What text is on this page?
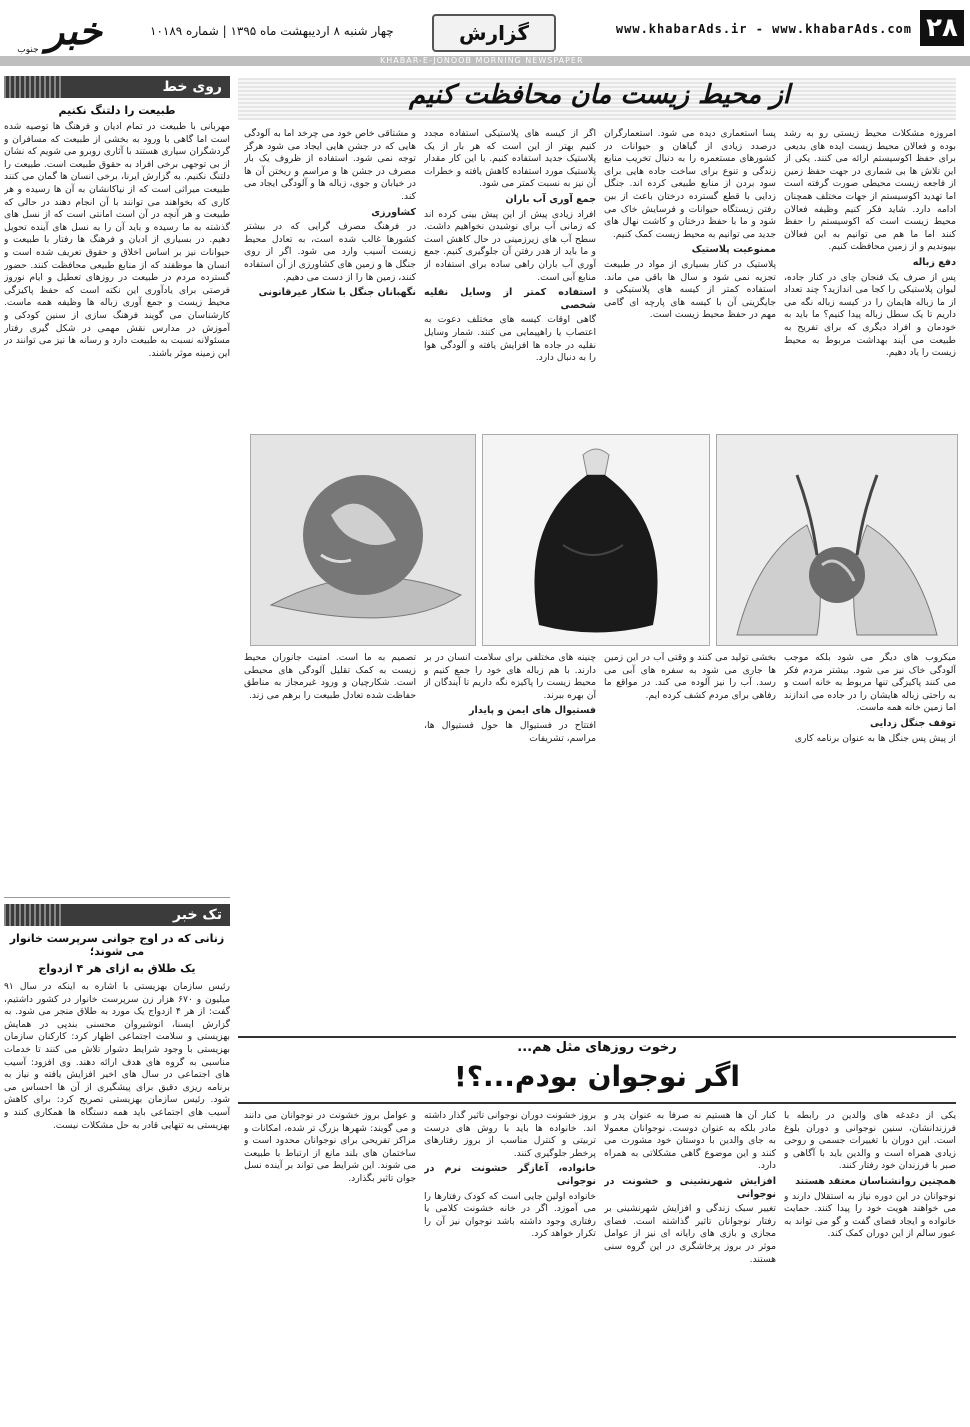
خبر
جنوب
چهار شنبه ۸ اردیبهشت ماه ۱۳۹۵ | شماره ۱۰۱۸۹	گزارش	www.khabarAds.ir - www.khabarAds.com ۲۸
KHABAR-E-JONOOB MORNING NEWSPAPER
روی خط
طبیعت را دلتنگ نکنیم
مهربانی با طبیعت در تمام ادیان و فرهنگ ها توصیه شده است اما گاهی با ورود به بخشی از طبیعت که مسافران و گردشگران سیاری هستند با آثاری روبرو می شویم که نشان از بی توجهی برخی افراد به حقوق طبیعت است. طبیعت را دلتنگ نکنیم. به گزارش ایرنا، برخی انسان ها گمان می کنند طبیعت میراثی است که از نیاکانشان به آن ها رسیده و هر کاری که بخواهند می توانند با آن انجام دهند در حالی که طبیعت و هر آنچه در آن است امانتی است که از نسل های گذشته به ما رسیده و باید آن را به نسل های آینده تحویل دهیم. در بسیاری از ادیان و فرهنگ ها رفتار با طبیعت و حیوانات نیز بر اساس اخلاق و حقوق تعریف شده است و انسان ها موظفند که از منابع طبیعی محافظت کنند. حضور گسترده مردم در طبیعت در روزهای تعطیل و ایام نوروز فرصتی برای یادآوری این نکته است که حفظ پاکیزگی محیط زیست و جمع آوری زباله ها وظیفه همه ماست. کارشناسان می گویند فرهنگ سازی از سنین کودکی و آموزش در مدارس نقش مهمی در شکل گیری رفتار مسئولانه نسبت به طبیعت دارد و رسانه ها نیز می توانند در این زمینه موثر باشند.
تک خبر
زنانی که در اوج جوانی سرپرست خانوار می شوند؛
یک طلاق به ازای هر ۴ ازدواج
رئیس سازمان بهزیستی با اشاره به اینکه در سال ۹۱ میلیون و ۶۷۰ هزار زن سرپرست خانوار در کشور داشتیم، گفت: از هر ۴ ازدواج یک مورد به طلاق منجر می شود. به گزارش ایسنا، انوشیروان محسنی بندپی در همایش بهزیستی و سلامت اجتماعی اظهار کرد: کارکنان سازمان بهزیستی با وجود شرایط دشوار تلاش می کنند تا خدمات مناسبی به گروه های هدف ارائه دهند. وی افزود: آسیب های اجتماعی در سال های اخیر افزایش یافته و نیاز به برنامه ریزی دقیق برای پیشگیری از آن ها احساس می شود. رئیس سازمان بهزیستی تصریح کرد: برای کاهش آسیب های اجتماعی باید همه دستگاه ها همکاری کنند و بهزیستی به تنهایی قادر به حل مشکلات نیست.
از محیط زیست مان محافظت کنیم
امروزه مشکلات محیط زیستی رو به رشد بوده و فعالان محیط زیست ایده های بدیعی برای حفظ اکوسیستم ارائه می کنند. یکی از این تلاش ها بی شماری در جهت حفظ زمین از فاجعه زیست محیطی صورت گرفته است اما تهدید اکوسیستم از جهات مختلف همچنان ادامه دارد. شاید فکر کنیم وظیفه فعالان محیط زیست است که اکوسیستم را حفظ کنند اما ما هم می توانیم به این فعالان بپیوندیم و از زمین محافظت کنیم.
دفع زباله
پس از صرف یک فنجان چای در کنار جاده، لیوان پلاستیکی را کجا می اندازید؟ چند تعداد از ما زباله هایمان را در کیسه زباله نگه می داریم تا یک سطل زباله پیدا کنیم؟ ما باید به خودمان و افراد دیگری که برای تفریح به طبیعت می آیند بهداشت مربوط به محیط زیست را یاد دهیم.
پسا استعماری دیده می شود. استعمارگران درصدد زیادی از گیاهان و حیوانات در کشورهای مستعمره را به دنبال تخریب منابع زندگی و تنوع برای ساخت جاده هایی برای سود بردن از منابع طبیعی کرده اند. جنگل زدایی با قطع گسترده درختان باعث از بین رفتن زیستگاه حیوانات و فرسایش خاک می شود و ما با حفظ درختان و کاشت نهال های جدید می توانیم به محیط زیست کمک کنیم.
ممنوعیت پلاستیک
پلاستیک در کنار بسیاری از مواد در طبیعت تجزیه نمی شود و سال ها باقی می ماند. استفاده کمتر از کیسه های پلاستیکی و جایگزینی آن با کیسه های پارچه ای گامی مهم در حفظ محیط زیست است.
اگر از کیسه های پلاستیکی استفاده مجدد کنیم بهتر از این است که هر بار از یک پلاستیک جدید استفاده کنیم. با این کار مقدار پلاستیک مورد استفاده کاهش یافته و خطرات آن نیز به نسبت کمتر می شود.
جمع آوری آب باران
افراد زیادی پیش از این پیش بینی کرده اند که زمانی آب برای نوشیدن نخواهیم داشت. سطح آب های زیرزمینی در حال کاهش است و ما باید از هدر رفتن آن جلوگیری کنیم. جمع آوری آب باران راهی ساده برای استفاده از منابع آبی است.
استفاده کمتر از وسایل نقلیه شخصی
گاهی اوقات کیسه های مختلف دعوت به اعتصاب یا راهپیمایی می کنند. شمار وسایل نقلیه در جاده ها افزایش یافته و آلودگی هوا را به دنبال دارد.
و مشتاقی خاص خود می چرخد اما به آلودگی هایی که در جشن هایی ایجاد می شود هرگز توجه نمی شود. استفاده از ظروف یک بار مصرف در جشن ها و مراسم و ریختن آن ها در خیابان و جوی، زباله ها و آلودگی ایجاد می کند.
کشاورزی
در فرهنگ مصرف گرایی که در بیشتر کشورها غالب شده است، به تعادل محیط زیست آسیب وارد می شود. اگر از روی جنگل ها و زمین های کشاورزی از آن استفاده کنند، زمین ها را از دست می دهیم.
نگهبانان جنگل با شکار غیرقانونی
میکروب های دیگر می شود بلکه موجب آلودگی خاک نیز می شود. بیشتر مردم فکر می کنند پاکیزگی تنها مربوط به خانه است و به راحتی زباله هایشان را در جاده می اندازند اما زمین خانه همه ماست.
توقف جنگل زدایی
از پیش پس جنگل ها به عنوان برنامه کاری
بخشی تولید می کنند و وقتی آب در این زمین ها جاری می شود به سفره های آبی می رسد. آب را نیز آلوده می کند. در مواقع ما رفاهی برای مردم کشف کرده ایم.
چنینه های مختلفی برای سلامت انسان در بر دارند. با هم زباله های خود را جمع کنیم و محیط زیست را پاکیزه نگه داریم تا آیندگان از آن بهره ببرند.
فستیوال های ایمن و پایدار
افتتاح در فستیوال ها حول فستیوال ها، مراسم، تشریفات
تصمیم به ما است. امنیت جانوران محیط زیست به کمک تقلیل آلودگی های محیطی است. شکارچیان و ورود غیرمجاز به مناطق حفاظت شده تعادل طبیعت را برهم می زند.
رخوت روزهای مثل هم...
اگر نوجوان بودم...؟!
یکی از دغدغه های والدین در رابطه با فرزندانشان، سنین نوجوانی و دوران بلوغ است. این دوران با تغییرات جسمی و روحی زیادی همراه است و والدین باید با آگاهی و صبر با فرزندان خود رفتار کنند.
همچنین روانشناسان معتقد هستند
نوجوانان در این دوره نیاز به استقلال دارند و می خواهند هویت خود را پیدا کنند. حمایت خانواده و ایجاد فضای گفت و گو می تواند به عبور سالم از این دوران کمک کند.
کنار آن ها هستیم نه صرفا به عنوان پدر و مادر بلکه به عنوان دوست. نوجوانان معمولا به جای والدین با دوستان خود مشورت می کنند و این موضوع گاهی مشکلاتی به همراه دارد.
افزایش شهرنشینی و خشونت در نوجوانی
تغییر سبک زندگی و افزایش شهرنشینی بر رفتار نوجوانان تاثیر گذاشته است. فضای مجازی و بازی های رایانه ای نیز از عوامل موثر در بروز پرخاشگری در این گروه سنی هستند.
بروز خشونت دوران نوجوانی تاثیر گذار داشته اند. خانواده ها باید با روش های درست تربیتی و کنترل مناسب از بروز رفتارهای پرخطر جلوگیری کنند.
خانواده، آغازگر خشونت نرم در نوجوانی
خانواده اولین جایی است که کودک رفتارها را می آموزد. اگر در خانه خشونت کلامی یا رفتاری وجود داشته باشد نوجوان نیز آن را تکرار خواهد کرد.
و عوامل بروز خشونت در نوجوانان می دانند و می گویند: شهرها بزرگ تر شده، امکانات و مراکز تفریحی برای نوجوانان محدود است و ساختمان های بلند مانع از ارتباط با طبیعت می شوند. این شرایط می تواند بر آینده نسل جوان تاثیر بگذارد.
